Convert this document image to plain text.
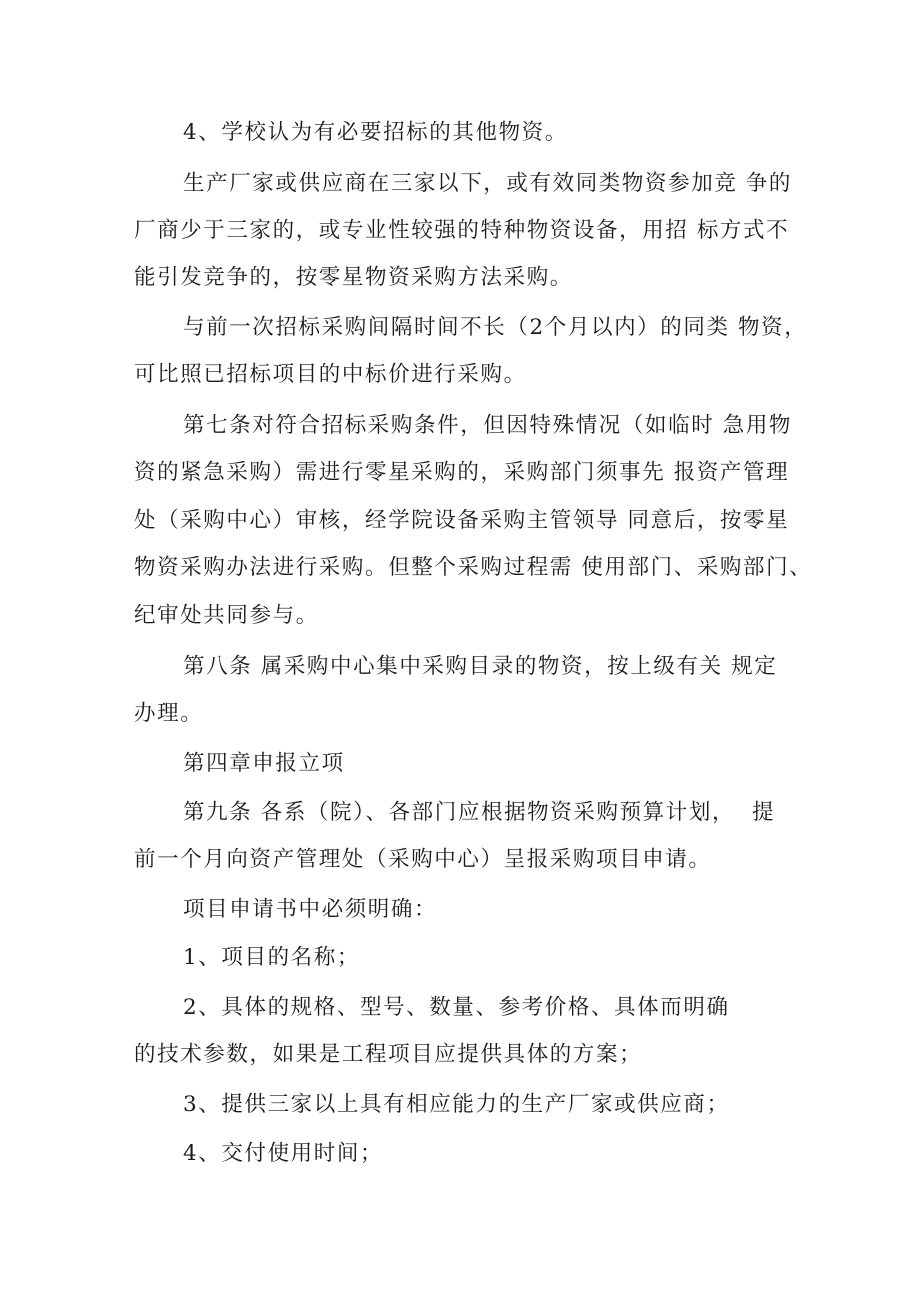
4、学校认为有必要招标的其他物资。
生产厂家或供应商在三家以下，或有效同类物资参加竞 争的
厂商少于三家的，或专业性较强的特种物资设备，用招 标方式不
能引发竞争的，按零星物资采购方法采购。
与前一次招标采购间隔时间不长（2个月以内）的同类 物资，
可比照已招标项目的中标价进行采购。
第七条对符合招标采购条件，但因特殊情况（如临时 急用物
资的紧急采购）需进行零星采购的，采购部门须事先 报资产管理
处（采购中心）审核，经学院设备采购主管领导 同意后，按零星
物资采购办法进行采购。但整个采购过程需 使用部门、采购部门、
纪审处共同参与。
第八条 属采购中心集中采购目录的物资，按上级有关 规定
办理。
第四章申报立项
第九条 各系（院）、各部门应根据物资采购预算计划，  提
前一个月向资产管理处（采购中心）呈报采购项目申请。
项目申请书中必须明确：
1、项目的名称；
2、具体的规格、型号、数量、参考价格、具体而明确
的技术参数，如果是工程项目应提供具体的方案；
3、提供三家以上具有相应能力的生产厂家或供应商；
4、交付使用时间；
